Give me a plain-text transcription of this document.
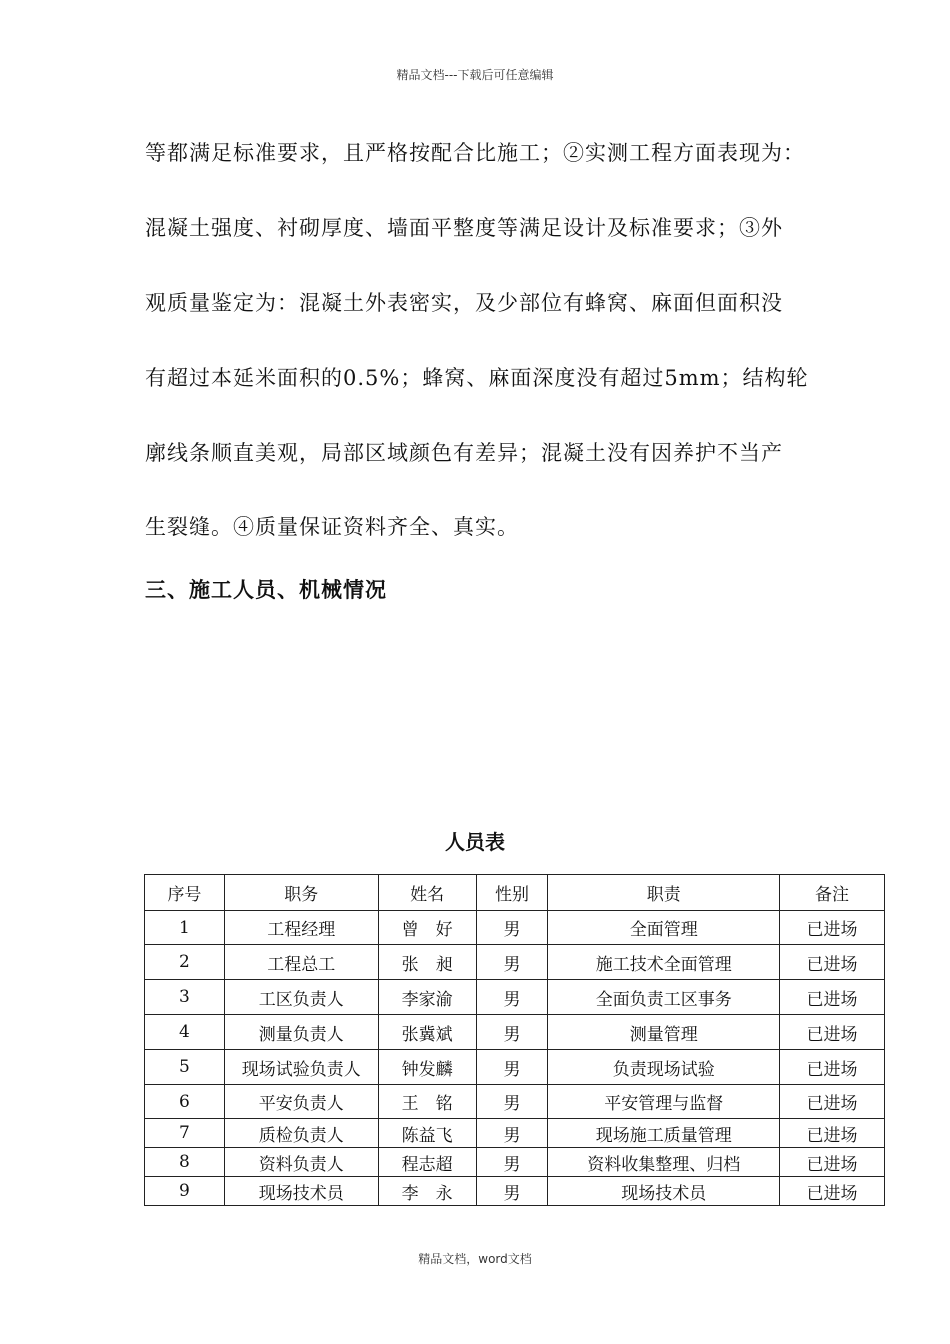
精品文档---下载后可任意编辑
等都满足标准要求，且严格按配合比施工；②实测工程方面表现为：
混凝土强度、衬砌厚度、墙面平整度等满足设计及标准要求；③外
观质量鉴定为：混凝土外表密实，及少部位有蜂窝、麻面但面积没
有超过本延米面积的0.5%；蜂窝、麻面深度没有超过5mm；结构轮
廓线条顺直美观，局部区域颜色有差异；混凝土没有因养护不当产
生裂缝。④质量保证资料齐全、真实。
三、施工人员、机械情况
人员表
序号	职务	姓名	性别	职责	备注
1	工程经理	曾　好	男	全面管理	已进场
2	工程总工	张　昶	男	施工技术全面管理	已进场
3	工区负责人	李家渝	男	全面负责工区事务	已进场
4	测量负责人	张冀斌	男	测量管理	已进场
5	现场试验负责人	钟发麟	男	负责现场试验	已进场
6	平安负责人	王　铭	男	平安管理与监督	已进场
7	质检负责人	陈益飞	男	现场施工质量管理	已进场
8	资料负责人	程志超	男	资料收集整理、归档	已进场
9	现场技术员	李　永	男	现场技术员	已进场
精品文档，word文档
